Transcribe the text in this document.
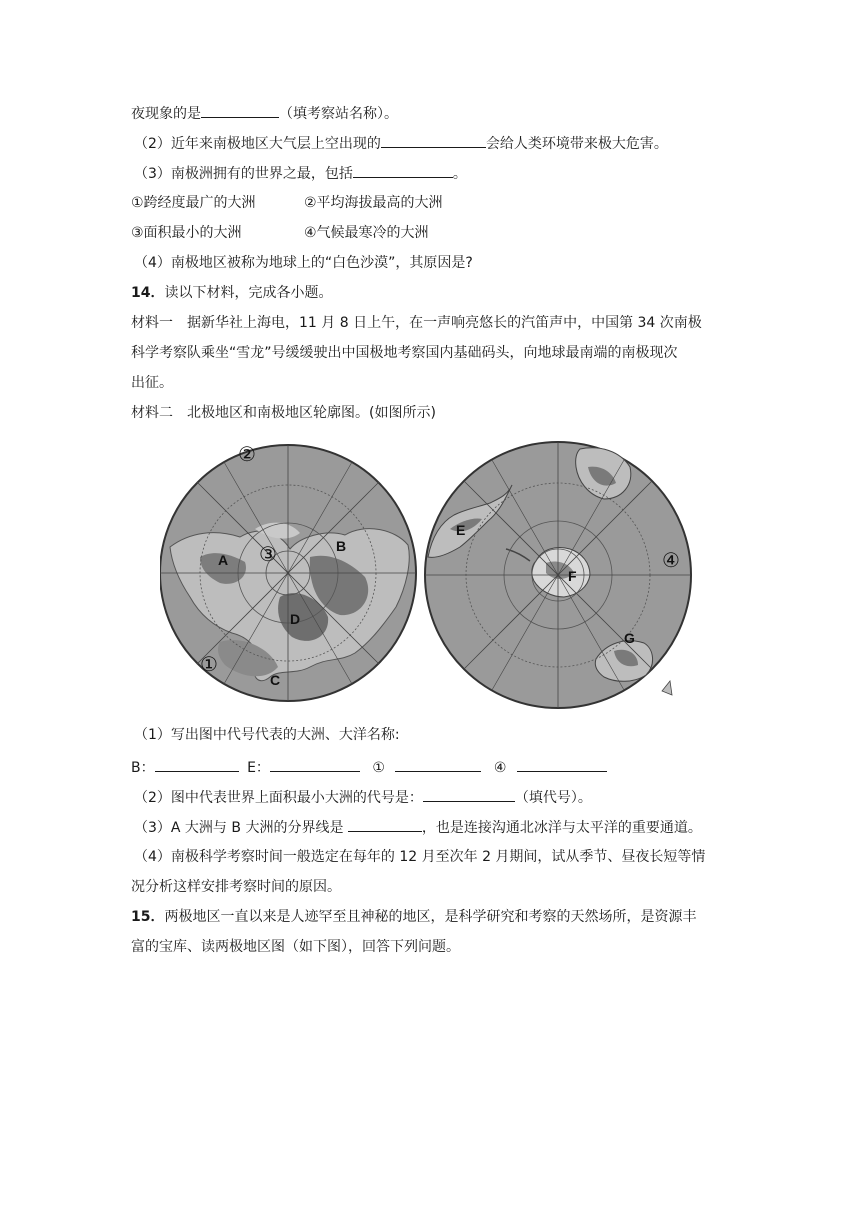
夜现象的是	（填考察站名称）。
（2）近年来南极地区大气层上空出现的	会给人类环境带来极大危害。
（3）南极洲拥有的世界之最，包括	。
①跨经度最广的大洲	②平均海拔最高的大洲
③面积最小的大洲	④气候最寒冷的大洲
（4）南极地区被称为地球上的“白色沙漠”，其原因是?
14．读以下材料，完成各小题。
材料一　据新华社上海电，11 月 8 日上午，在一声响亮悠长的汽笛声中，中国第 34 次南极
科学考察队乘坐“雪龙”号缓缓驶出中国极地考察国内基础码头，向地球最南端的南极现次
出征。
材料二　北极地区和南极地区轮廓图。(如图所示)
A
B
C
D
①
②
③
E
F
G
④
（1）写出图中代号代表的大洲、大洋名称:
B：	E：	①	④
（2）图中代表世界上面积最小大洲的代号是：	（填代号）。
（3）A 大洲与 B 大洲的分界线是	，也是连接沟通北冰洋与太平洋的重要通道。
（4）南极科学考察时间一般选定在每年的 12 月至次年 2 月期间，试从季节、昼夜长短等情
况分析这样安排考察时间的原因。
15．两极地区一直以来是人迹罕至且神秘的地区，是科学研究和考察的天然场所，是资源丰
富的宝库、读两极地区图（如下图），回答下列问题。
